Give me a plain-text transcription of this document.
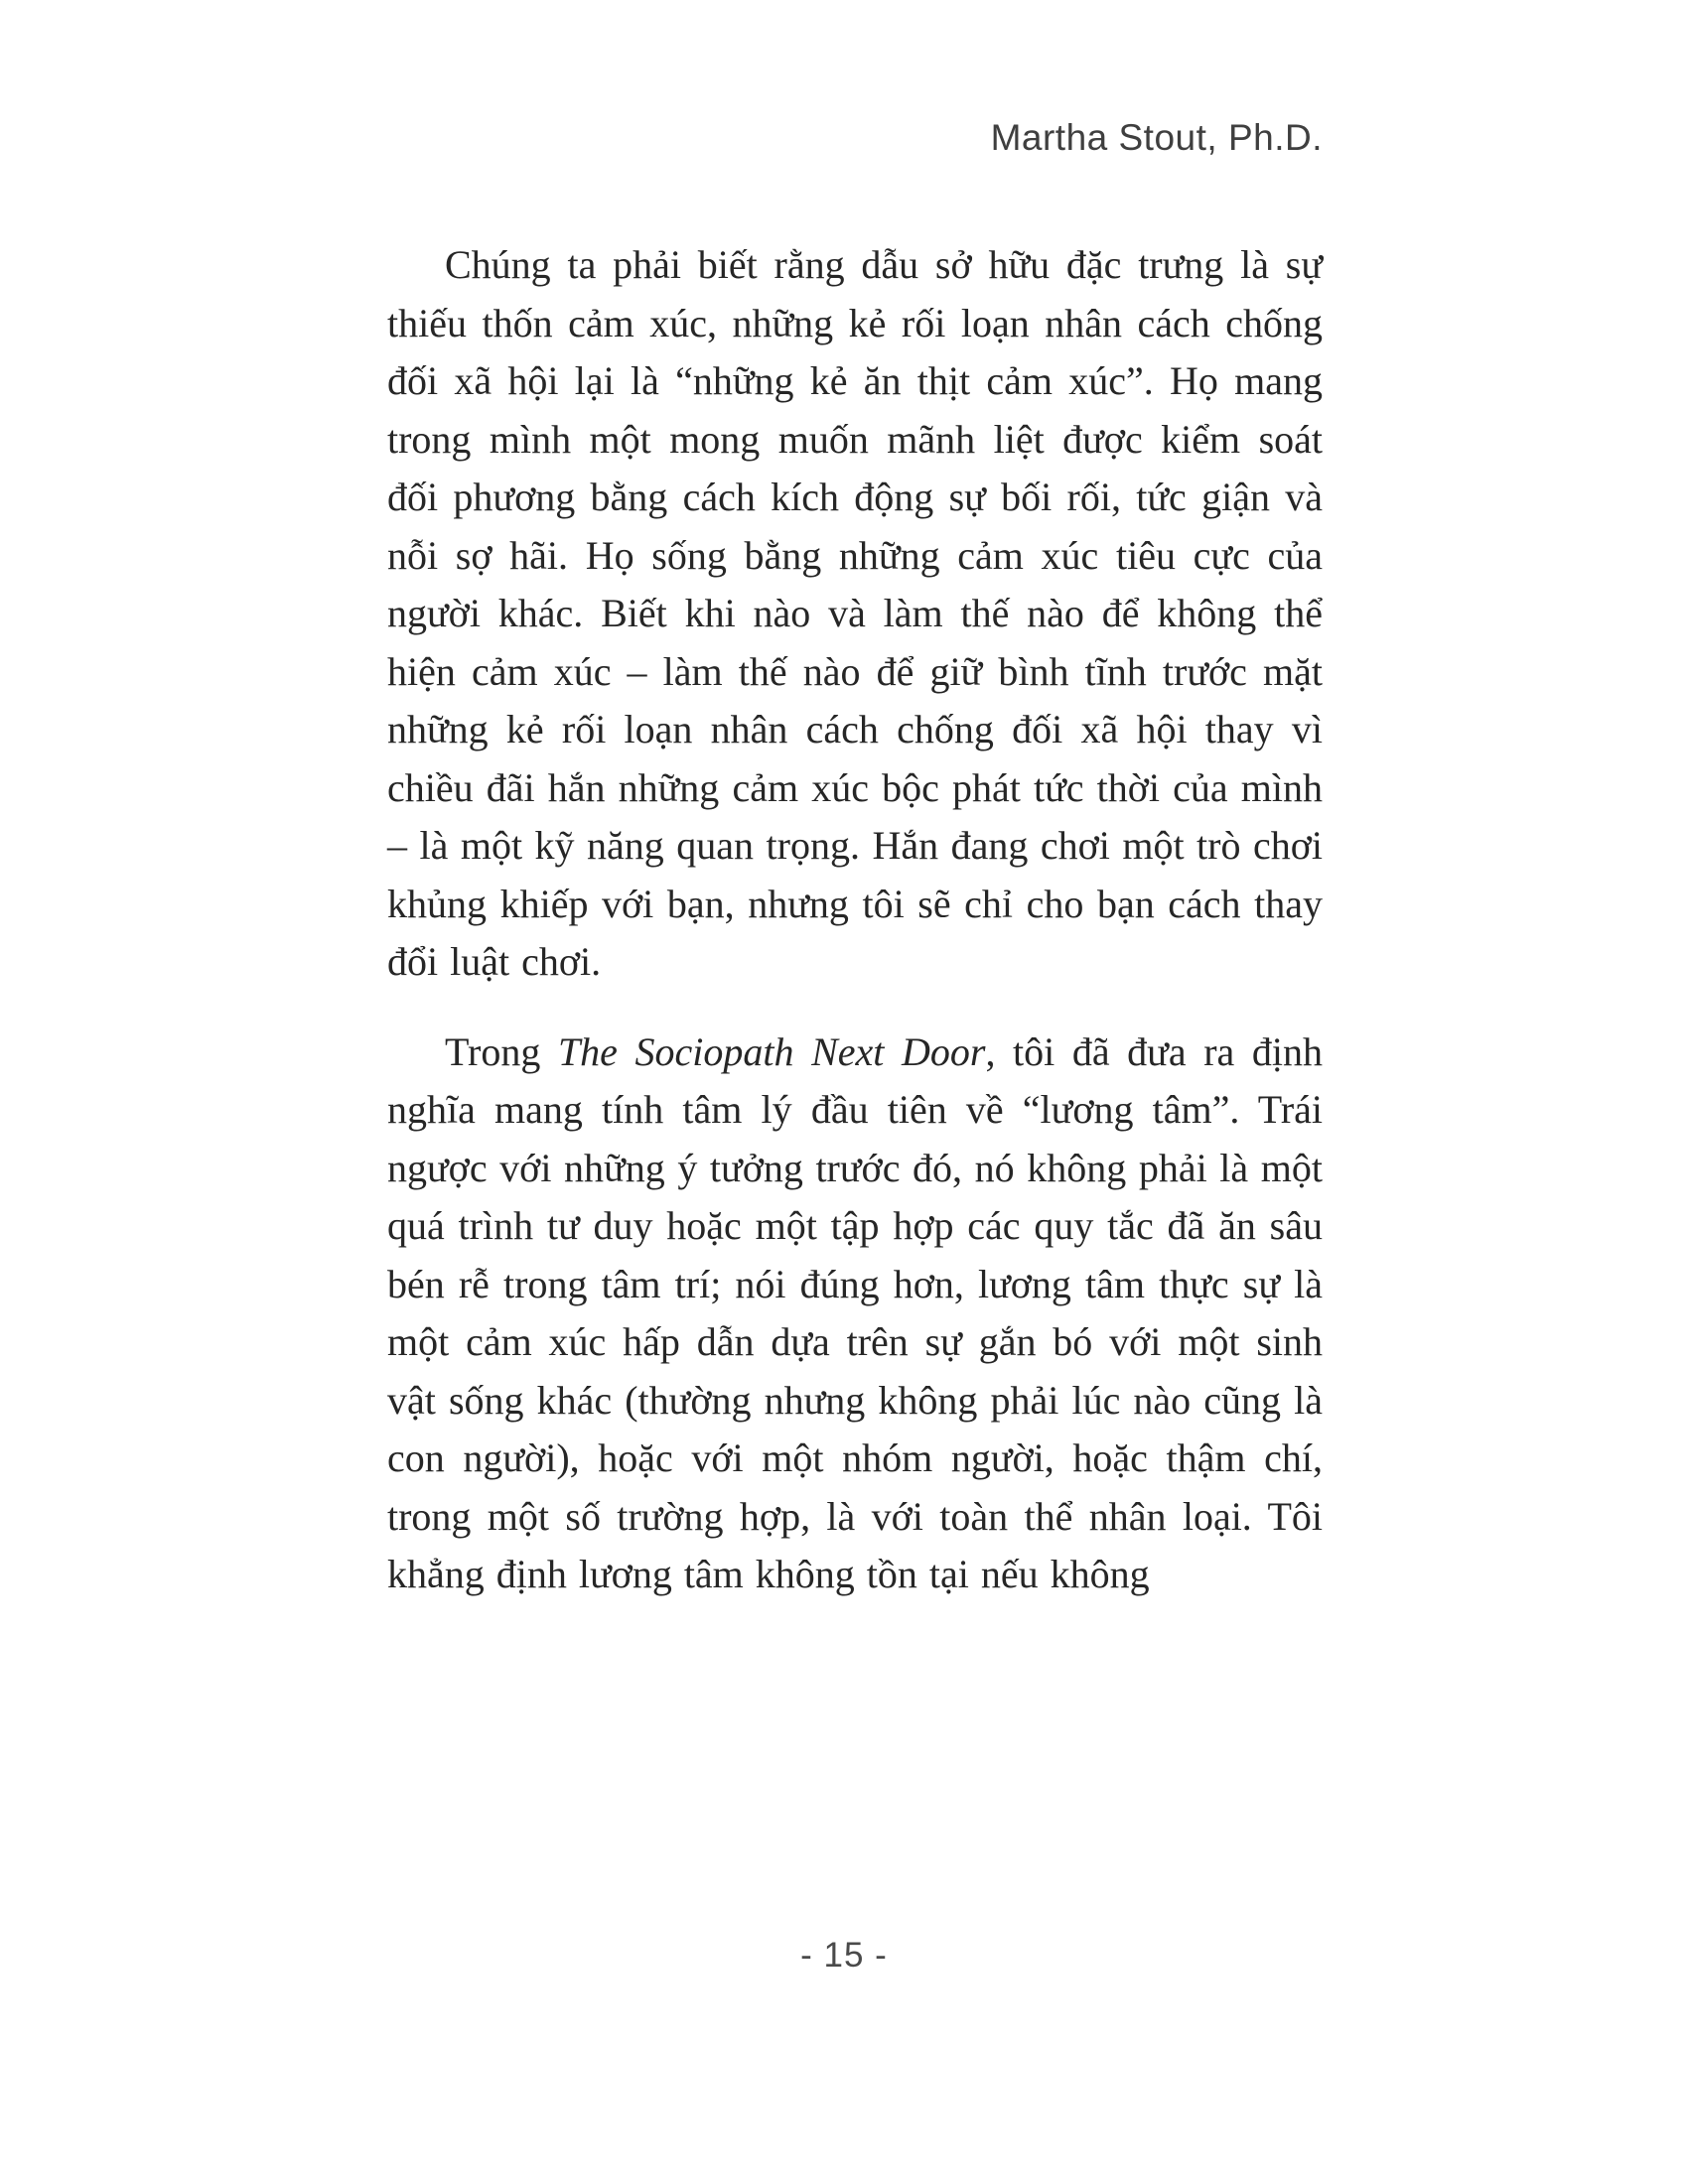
Martha Stout, Ph.D.

Chúng ta phải biết rằng dẫu sở hữu đặc trưng là sự thiếu thốn cảm xúc, những kẻ rối loạn nhân cách chống đối xã hội lại là “những kẻ ăn thịt cảm xúc”. Họ mang trong mình một mong muốn mãnh liệt được kiểm soát đối phương bằng cách kích động sự bối rối, tức giận và nỗi sợ hãi. Họ sống bằng những cảm xúc tiêu cực của người khác. Biết khi nào và làm thế nào để không thể hiện cảm xúc – làm thế nào để giữ bình tĩnh trước mặt những kẻ rối loạn nhân cách chống đối xã hội thay vì chiều đãi hắn những cảm xúc bộc phát tức thời của mình – là một kỹ năng quan trọng. Hắn đang chơi một trò chơi khủng khiếp với bạn, nhưng tôi sẽ chỉ cho bạn cách thay đổi luật chơi.

Trong The Sociopath Next Door, tôi đã đưa ra định nghĩa mang tính tâm lý đầu tiên về “lương tâm”. Trái ngược với những ý tưởng trước đó, nó không phải là một quá trình tư duy hoặc một tập hợp các quy tắc đã ăn sâu bén rễ trong tâm trí; nói đúng hơn, lương tâm thực sự là một cảm xúc hấp dẫn dựa trên sự gắn bó với một sinh vật sống khác (thường nhưng không phải lúc nào cũng là con người), hoặc với một nhóm người, hoặc thậm chí, trong một số trường hợp, là với toàn thể nhân loại. Tôi khẳng định lương tâm không tồn tại nếu không

- 15 -
